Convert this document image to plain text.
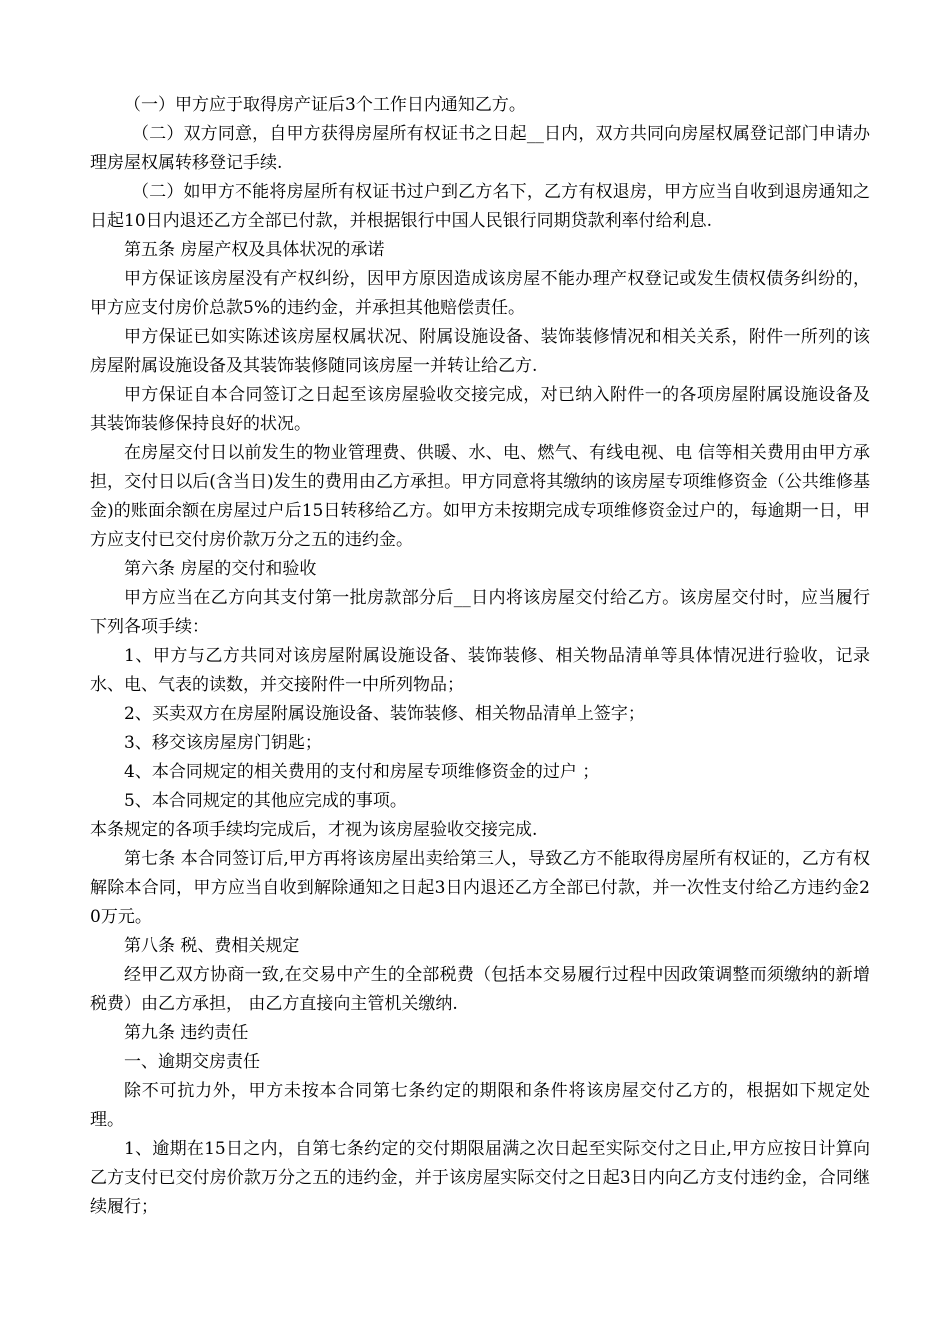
（一）甲方应于取得房产证后3个工作日内通知乙方。

（二）双方同意，自甲方获得房屋所有权证书之日起__日内，双方共同向房屋权属登记部门申请办理房屋权属转移登记手续.

（二）如甲方不能将房屋所有权证书过户到乙方名下，乙方有权退房，甲方应当自收到退房通知之日起10日内退还乙方全部已付款，并根据银行中国人民银行同期贷款利率付给利息.

第五条 房屋产权及具体状况的承诺

甲方保证该房屋没有产权纠纷，因甲方原因造成该房屋不能办理产权登记或发生债权债务纠纷的，甲方应支付房价总款5%的违约金，并承担其他赔偿责任。

甲方保证已如实陈述该房屋权属状况、附属设施设备、装饰装修情况和相关关系，附件一所列的该房屋附属设施设备及其装饰装修随同该房屋一并转让给乙方.

甲方保证自本合同签订之日起至该房屋验收交接完成，对已纳入附件一的各项房屋附属设施设备及其装饰装修保持良好的状况。

在房屋交付日以前发生的物业管理费、供暖、水、电、燃气、有线电视、电 信等相关费用由甲方承担，交付日以后(含当日)发生的费用由乙方承担。甲方同意将其缴纳的该房屋专项维修资金（公共维修基金)的账面余额在房屋过户后15日转移给乙方。如甲方未按期完成专项维修资金过户的，每逾期一日，甲方应支付已交付房价款万分之五的违约金。

第六条 房屋的交付和验收

甲方应当在乙方向其支付第一批房款部分后__日内将该房屋交付给乙方。该房屋交付时，应当履行下列各项手续：

1、甲方与乙方共同对该房屋附属设施设备、装饰装修、相关物品清单等具体情况进行验收，记录水、电、气表的读数，并交接附件一中所列物品；

2、买卖双方在房屋附属设施设备、装饰装修、相关物品清单上签字；

3、移交该房屋房门钥匙；

4、本合同规定的相关费用的支付和房屋专项维修资金的过户 ；

5、本合同规定的其他应完成的事项。

本条规定的各项手续均完成后，才视为该房屋验收交接完成.

第七条 本合同签订后,甲方再将该房屋出卖给第三人，导致乙方不能取得房屋所有权证的，乙方有权解除本合同，甲方应当自收到解除通知之日起3日内退还乙方全部已付款，并一次性支付给乙方违约金20万元。

第八条 税、费相关规定

经甲乙双方协商一致,在交易中产生的全部税费（包括本交易履行过程中因政策调整而须缴纳的新增税费）由乙方承担， 由乙方直接向主管机关缴纳.

第九条 违约责任

一、逾期交房责任

除不可抗力外，甲方未按本合同第七条约定的期限和条件将该房屋交付乙方的，根据如下规定处理。

1、逾期在15日之内，自第七条约定的交付期限届满之次日起至实际交付之日止,甲方应按日计算向乙方支付已交付房价款万分之五的违约金，并于该房屋实际交付之日起3日内向乙方支付违约金，合同继续履行；
